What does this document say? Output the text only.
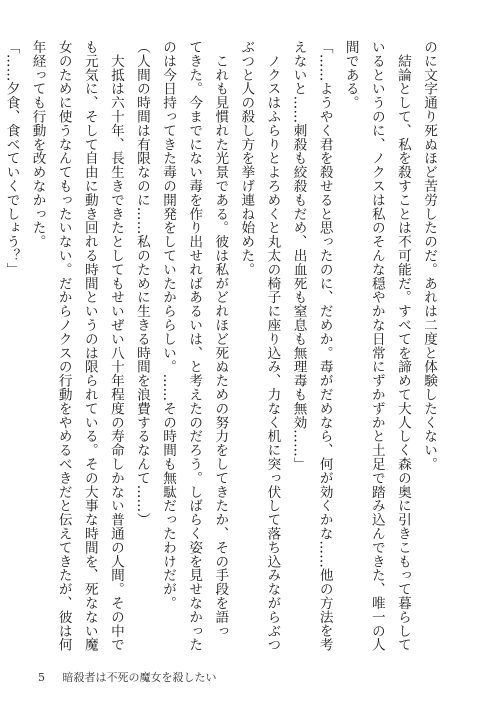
のに文字通り死ぬほど苦労したのだ。あれは二度と体験したくない。
　結論として、私を殺すことは不可能だ。すべてを諦めて大人しく森の奥に引きこもって暮らして
いるというのに、ノクスは私のそんな穏やかな日常にずかずかと土足で踏み込んできた、唯一の人
間である。
「……ようやく君を殺せると思ったのに、だめか。毒がだめなら、何が効くかな……他の方法を考
えないと……刺殺も絞殺もだめ、出血死も窒息も無理毒も無効……」
　ノクスはふらりとよろめくと丸太の椅子に座り込み、力なく机に突っ伏して落ち込みながらぶつ
ぶつと人の殺し方を挙げ連ね始めた。
　これも見慣れた光景である。彼は私がどれほど死ぬための努力をしてきたか、その手段を語っ
てきた。今までにない毒を作り出せればあるいは、と考えたのだろう。しばらく姿を見せなかった
のは今日持ってきた毒の開発をしていたかららしい。……その時間も無駄だったわけだが。
（人間の時間は有限なのに……私のために生きる時間を浪費するなんて……）
　大抵は六十年、長生きできたとしてもせいぜい八十年程度の寿命しかない普通の人間。その中で
も元気に、そして自由に動き回れる時間というのは限られている。その大事な時間を、死なない魔
女のために使うなんてもったいない。だからノクスの行動をやめるべきだと伝えてきたが、彼は何
年経っても行動を改めなかった。
「……夕食、食べていくでしょう？」
5 暗殺者は不死の魔女を殺したい
